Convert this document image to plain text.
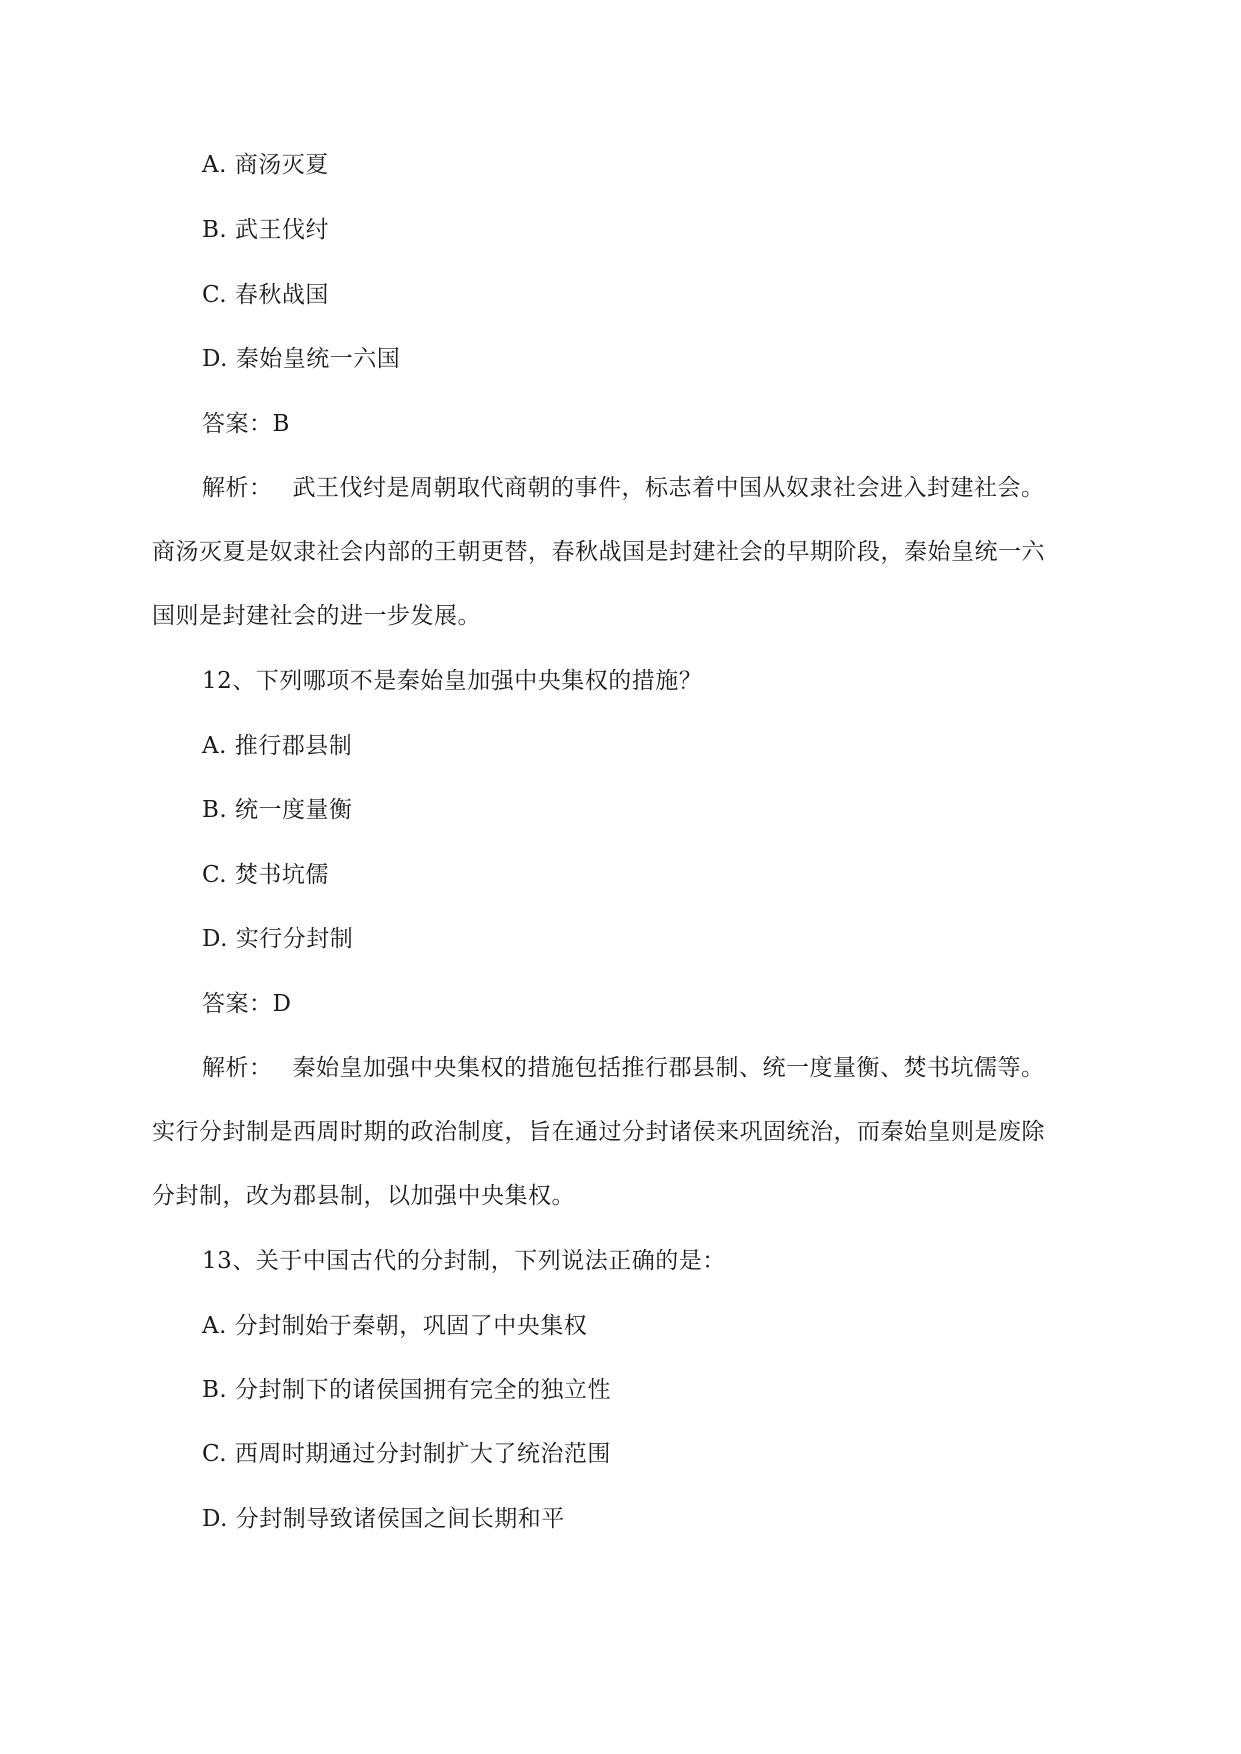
A. 商汤灭夏
B. 武王伐纣
C. 春秋战国
D. 秦始皇统一六国
答案：B
解析： 武王伐纣是周朝取代商朝的事件，标志着中国从奴隶社会进入封建社会。
商汤灭夏是奴隶社会内部的王朝更替，春秋战国是封建社会的早期阶段，秦始皇统一六
国则是封建社会的进一步发展。
12、下列哪项不是秦始皇加强中央集权的措施？
A. 推行郡县制
B. 统一度量衡
C. 焚书坑儒
D. 实行分封制
答案：D
解析： 秦始皇加强中央集权的措施包括推行郡县制、统一度量衡、焚书坑儒等。
实行分封制是西周时期的政治制度，旨在通过分封诸侯来巩固统治，而秦始皇则是废除
分封制，改为郡县制，以加强中央集权。
13、关于中国古代的分封制，下列说法正确的是：
A. 分封制始于秦朝，巩固了中央集权
B. 分封制下的诸侯国拥有完全的独立性
C. 西周时期通过分封制扩大了统治范围
D. 分封制导致诸侯国之间长期和平
